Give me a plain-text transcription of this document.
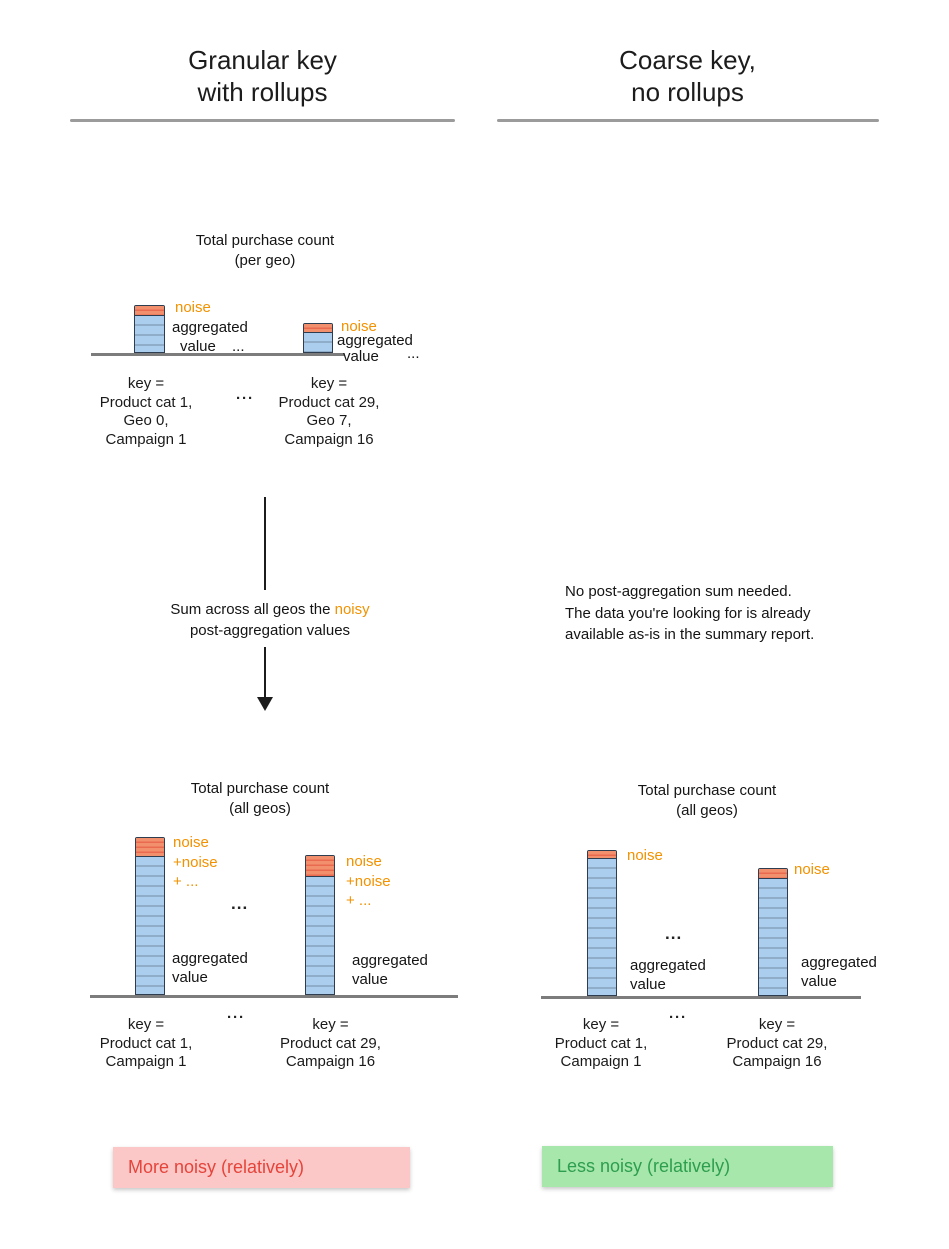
Granular key
with rollups
Coarse key,
no rollups
Total purchase count
(per geo)
noise
aggregated
value ...
noise
aggregated
value ...
key =
Product cat 1,
Geo 0,
Campaign 1
···
key =
Product cat 29,
Geo 7,
Campaign 16
Sum across all geos the noisy
post-aggregation values
No post-aggregation sum needed.
The data you're looking for is already
available as-is in the summary report.
Total purchase count
(all geos)
noise
+noise
+ ...
aggregated
value
...
noise
+noise
+ ...
aggregated
value
key =
Product cat 1,
Campaign 1
···	key =
Product cat 29,
Campaign 16
Total purchase count
(all geos)
noise
noise
...
aggregated
value
aggregated
value
key =
Product cat 1,
Campaign 1
···	key =
Product cat 29,
Campaign 16
More noisy (relatively)	Less noisy (relatively)
